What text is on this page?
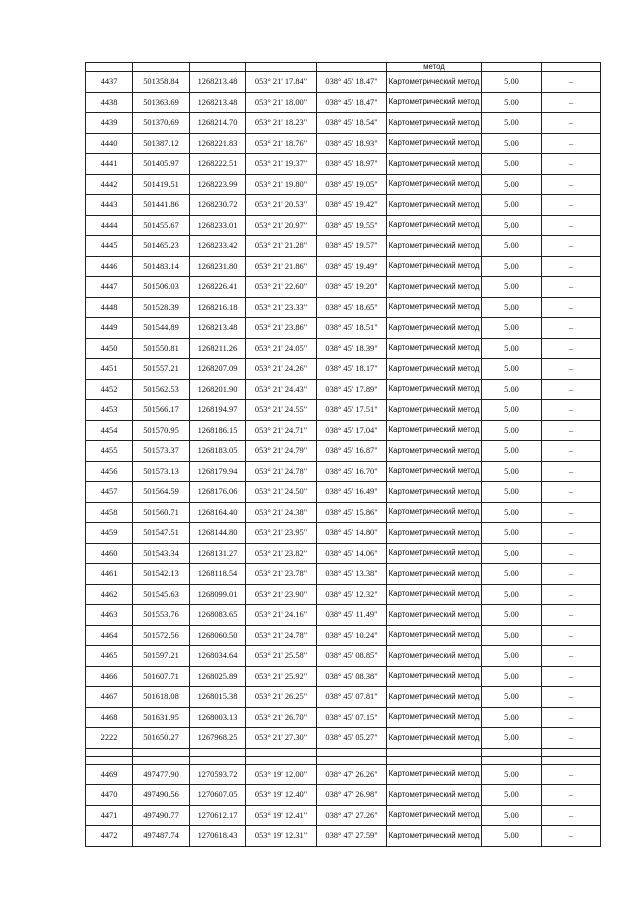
					метод		
4437	501358.84	1268213.48	053° 21' 17.84"	038° 45' 18.47"	Картометрический метод	5.00	–
4438	501363.69	1268213.48	053° 21' 18.00"	038° 45' 18.47"	Картометрический метод	5.00	–
4439	501370.69	1268214.70	053° 21' 18.23"	038° 45' 18.54"	Картометрический метод	5.00	–
4440	501387.12	1268221.83	053° 21' 18.76"	038° 45' 18.93"	Картометрический метод	5.00	–
4441	501405.97	1268222.51	053° 21' 19.37"	038° 45' 18.97"	Картометрический метод	5.00	–
4442	501419.51	1268223.99	053° 21' 19.80"	038° 45' 19.05"	Картометрический метод	5.00	–
4443	501441.86	1268230.72	053° 21' 20.53"	038° 45' 19.42"	Картометрический метод	5.00	–
4444	501455.67	1268233.01	053° 21' 20.97"	038° 45' 19.55"	Картометрический метод	5.00	–
4445	501465.23	1268233.42	053° 21' 21.28"	038° 45' 19.57"	Картометрический метод	5.00	–
4446	501483.14	1268231.80	053° 21' 21.86"	038° 45' 19.49"	Картометрический метод	5.00	–
4447	501506.03	1268226.41	053° 21' 22.60"	038° 45' 19.20"	Картометрический метод	5.00	–
4448	501528.39	1268216.18	053° 21' 23.33"	038° 45' 18.65"	Картометрический метод	5.00	–
4449	501544.89	1268213.48	053° 21' 23.86"	038° 45' 18.51"	Картометрический метод	5.00	–
4450	501550.81	1268211.26	053° 21' 24.05"	038° 45' 18.39"	Картометрический метод	5.00	–
4451	501557.21	1268207.09	053° 21' 24.26"	038° 45' 18.17"	Картометрический метод	5.00	–
4452	501562.53	1268201.90	053° 21' 24.43"	038° 45' 17.89"	Картометрический метод	5.00	–
4453	501566.17	1268194.97	053° 21' 24.55"	038° 45' 17.51"	Картометрический метод	5.00	–
4454	501570.95	1268186.15	053° 21' 24.71"	038° 45' 17.04"	Картометрический метод	5.00	–
4455	501573.37	1268183.05	053° 21' 24.79"	038° 45' 16.87"	Картометрический метод	5.00	–
4456	501573.13	1268179.94	053° 21' 24.78"	038° 45' 16.70"	Картометрический метод	5.00	–
4457	501564.59	1268176.06	053° 21' 24.50"	038° 45' 16.49"	Картометрический метод	5.00	–
4458	501560.71	1268164.40	053° 21' 24.38"	038° 45' 15.86"	Картометрический метод	5.00	–
4459	501547.51	1268144.80	053° 21' 23.95"	038° 45' 14.80"	Картометрический метод	5.00	–
4460	501543.34	1268131.27	053° 21' 23.82"	038° 45' 14.06"	Картометрический метод	5.00	–
4461	501542.13	1268118.54	053° 21' 23.78"	038° 45' 13.38"	Картометрический метод	5.00	–
4462	501545.63	1268099.01	053° 21' 23.90"	038° 45' 12.32"	Картометрический метод	5.00	–
4463	501553.76	1268083.65	053° 21' 24.16"	038° 45' 11.49"	Картометрический метод	5.00	–
4464	501572.56	1268060.50	053° 21' 24.78"	038° 45' 10.24"	Картометрический метод	5.00	–
4465	501597.21	1268034.64	053° 21' 25.58"	038° 45' 08.85"	Картометрический метод	5.00	–
4466	501607.71	1268025.89	053° 21' 25.92"	038° 45' 08.38"	Картометрический метод	5.00	–
4467	501618.08	1268015.38	053° 21' 26.25"	038° 45' 07.81"	Картометрический метод	5.00	–
4468	501631.95	1268003.13	053° 21' 26.70"	038° 45' 07.15"	Картометрический метод	5.00	–
2222	501650.27	1267968.25	053° 21' 27.30"	038° 45' 05.27"	Картометрический метод	5.00	–

4469	497477.90	1270593.72	053° 19' 12.00"	038° 47' 26.26"	Картометрический метод	5.00	–
4470	497490.56	1270607.05	053° 19' 12.40"	038° 47' 26.98"	Картометрический метод	5.00	–
4471	497490.77	1270612.17	053° 19' 12.41"	038° 47' 27.26"	Картометрический метод	5.00	–
4472	497487.74	1270618.43	053° 19' 12.31"	038° 47' 27.59"	Картометрический метод	5.00	–
